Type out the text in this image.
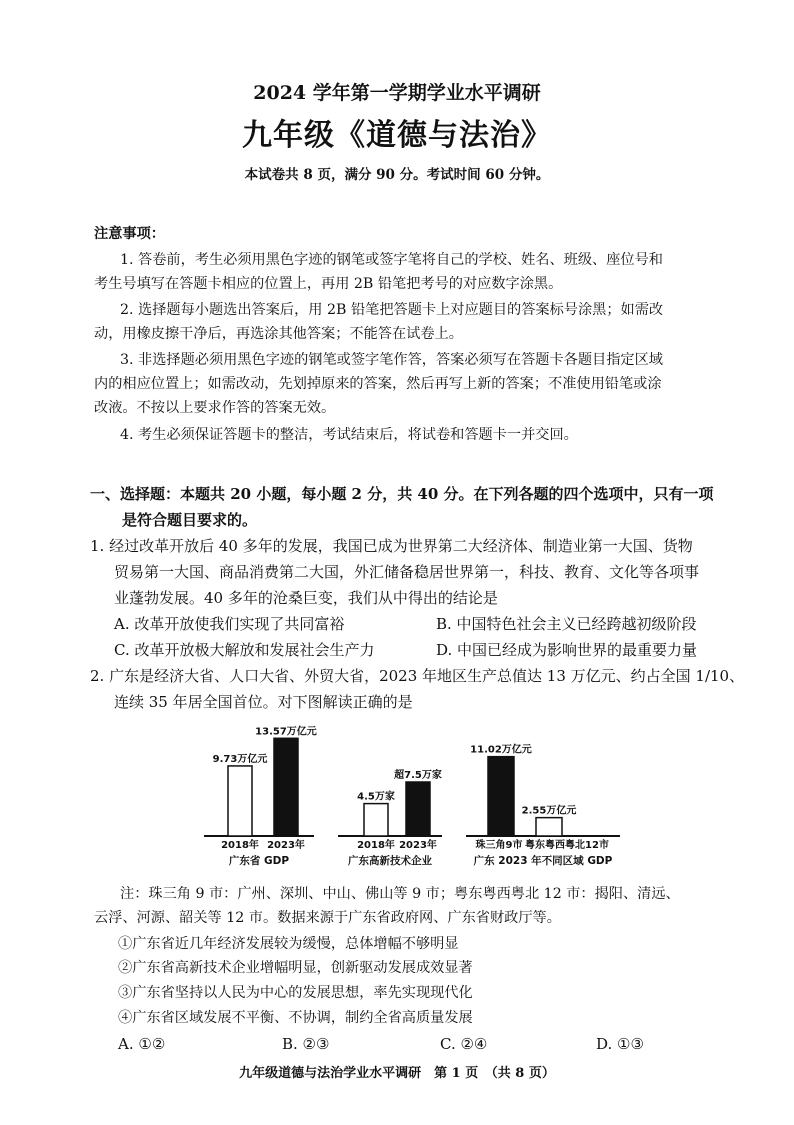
2024 学年第一学期学业水平调研
九年级《道德与法治》
本试卷共 8 页，满分 90 分。考试时间 60 分钟。
注意事项：
1. 答卷前，考生必须用黑色字迹的钢笔或签字笔将自己的学校、姓名、班级、座位号和
考生号填写在答题卡相应的位置上，再用 2B 铅笔把考号的对应数字涂黑。
2. 选择题每小题选出答案后，用 2B 铅笔把答题卡上对应题目的答案标号涂黑；如需改
动，用橡皮擦干净后，再选涂其他答案；不能答在试卷上。
3. 非选择题必须用黑色字迹的钢笔或签字笔作答，答案必须写在答题卡各题目指定区域
内的相应位置上；如需改动，先划掉原来的答案，然后再写上新的答案；不准使用铅笔或涂
改液。不按以上要求作答的答案无效。
4. 考生必须保证答题卡的整洁，考试结束后，将试卷和答题卡一并交回。
一、选择题：本题共 20 小题，每小题 2 分，共 40 分。在下列各题的四个选项中，只有一项
是符合题目要求的。
1. 经过改革开放后 40 多年的发展，我国已成为世界第二大经济体、制造业第一大国、货物
贸易第一大国、商品消费第二大国，外汇储备稳居世界第一，科技、教育、文化等各项事
业蓬勃发展。40 多年的沧桑巨变，我们从中得出的结论是
A. 改革开放使我们实现了共同富裕	B. 中国特色社会主义已经跨越初级阶段
C. 改革开放极大解放和发展社会生产力	D. 中国已经成为影响世界的最重要力量
2. 广东是经济大省、人口大省、外贸大省，2023 年地区生产总值达 13 万亿元、约占全国 1/10、
连续 35 年居全国首位。对下图解读正确的是
9.73万亿元
2018年
13.57万亿元
2023年
广东省 GDP
4.5万家
2018年
超7.5万家
2023年
广东高新技术企业
11.02万亿元
珠三角9市
2.55万亿元
粤东粤西粤北12市
广东 2023 年不同区域 GDP
注：珠三角 9 市：广州、深圳、中山、佛山等 9 市；粤东粤西粤北 12 市：揭阳、清远、
云浮、河源、韶关等 12 市。数据来源于广东省政府网、广东省财政厅等。
①广东省近几年经济发展较为缓慢，总体增幅不够明显
②广东省高新技术企业增幅明显，创新驱动发展成效显著
③广东省坚持以人民为中心的发展思想，率先实现现代化
④广东省区域发展不平衡、不协调，制约全省高质量发展
A. ①②	B. ②③	C. ②④	D. ①③
九年级道德与法治学业水平调研　第 1 页　（共 8 页）
